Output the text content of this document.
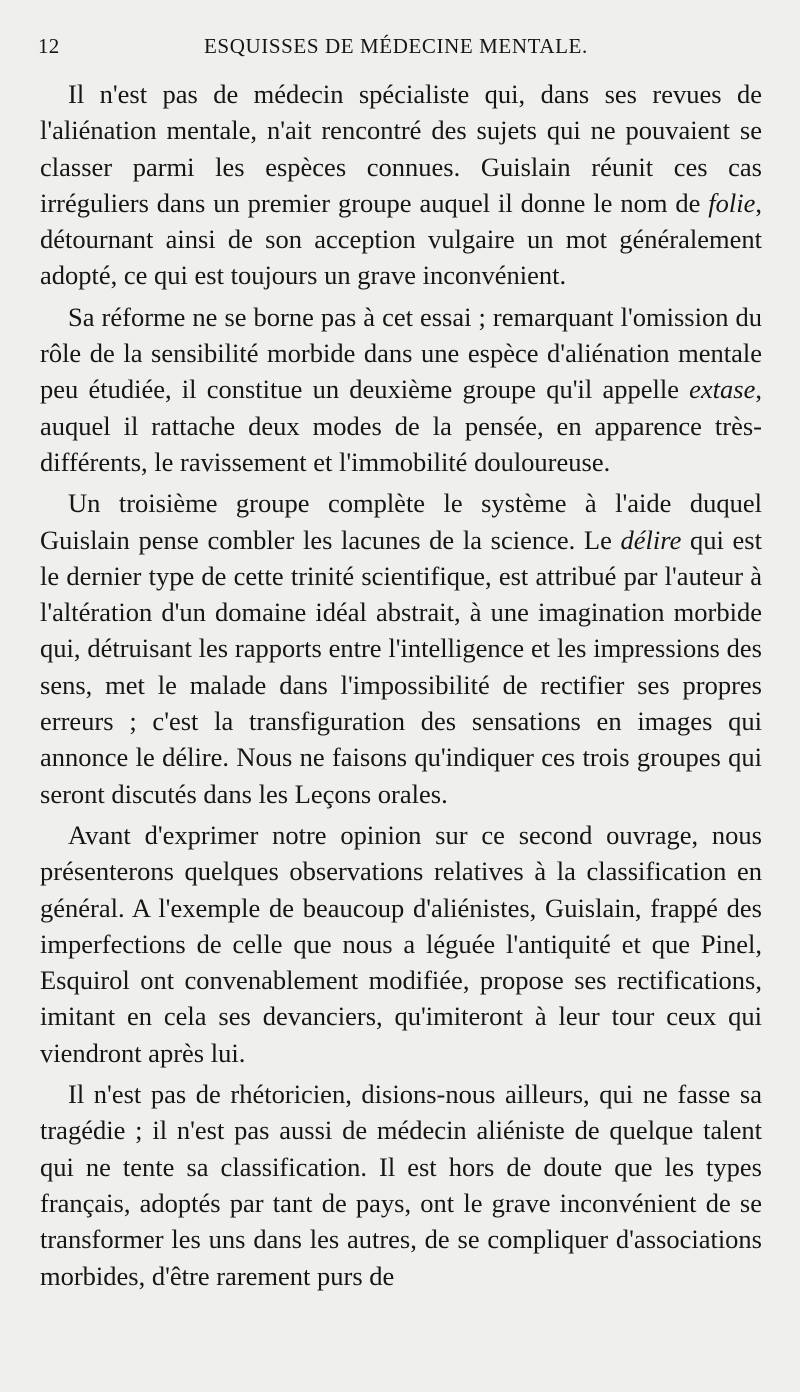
12	ESQUISSES DE MÉDECINE MENTALE.

Il n'est pas de médecin spécialiste qui, dans ses revues de l'aliénation mentale, n'ait rencontré des sujets qui ne pouvaient se classer parmi les espèces connues. Guislain réunit ces cas irréguliers dans un premier groupe auquel il donne le nom de folie, détournant ainsi de son acception vulgaire un mot généralement adopté, ce qui est toujours un grave inconvénient.

Sa réforme ne se borne pas à cet essai ; remarquant l'omission du rôle de la sensibilité morbide dans une espèce d'aliénation mentale peu étudiée, il constitue un deuxième groupe qu'il appelle extase, auquel il rattache deux modes de la pensée, en apparence très-différents, le ravissement et l'immobilité douloureuse.

Un troisième groupe complète le système à l'aide duquel Guislain pense combler les lacunes de la science. Le délire qui est le dernier type de cette trinité scientifique, est attribué par l'auteur à l'altération d'un domaine idéal abstrait, à une imagination morbide qui, détruisant les rapports entre l'intelligence et les impressions des sens, met le malade dans l'impossibilité de rectifier ses propres erreurs ; c'est la transfiguration des sensations en images qui annonce le délire. Nous ne faisons qu'indiquer ces trois groupes qui seront discutés dans les Leçons orales.

Avant d'exprimer notre opinion sur ce second ouvrage, nous présenterons quelques observations relatives à la classification en général. A l'exemple de beaucoup d'aliénistes, Guislain, frappé des imperfections de celle que nous a léguée l'antiquité et que Pinel, Esquirol ont convenablement modifiée, propose ses rectifications, imitant en cela ses devanciers, qu'imiteront à leur tour ceux qui viendront après lui.

Il n'est pas de rhétoricien, disions-nous ailleurs, qui ne fasse sa tragédie ; il n'est pas aussi de médecin aliéniste de quelque talent qui ne tente sa classification. Il est hors de doute que les types français, adoptés par tant de pays, ont le grave inconvénient de se transformer les uns dans les autres, de se compliquer d'associations morbides, d'être rarement purs de
